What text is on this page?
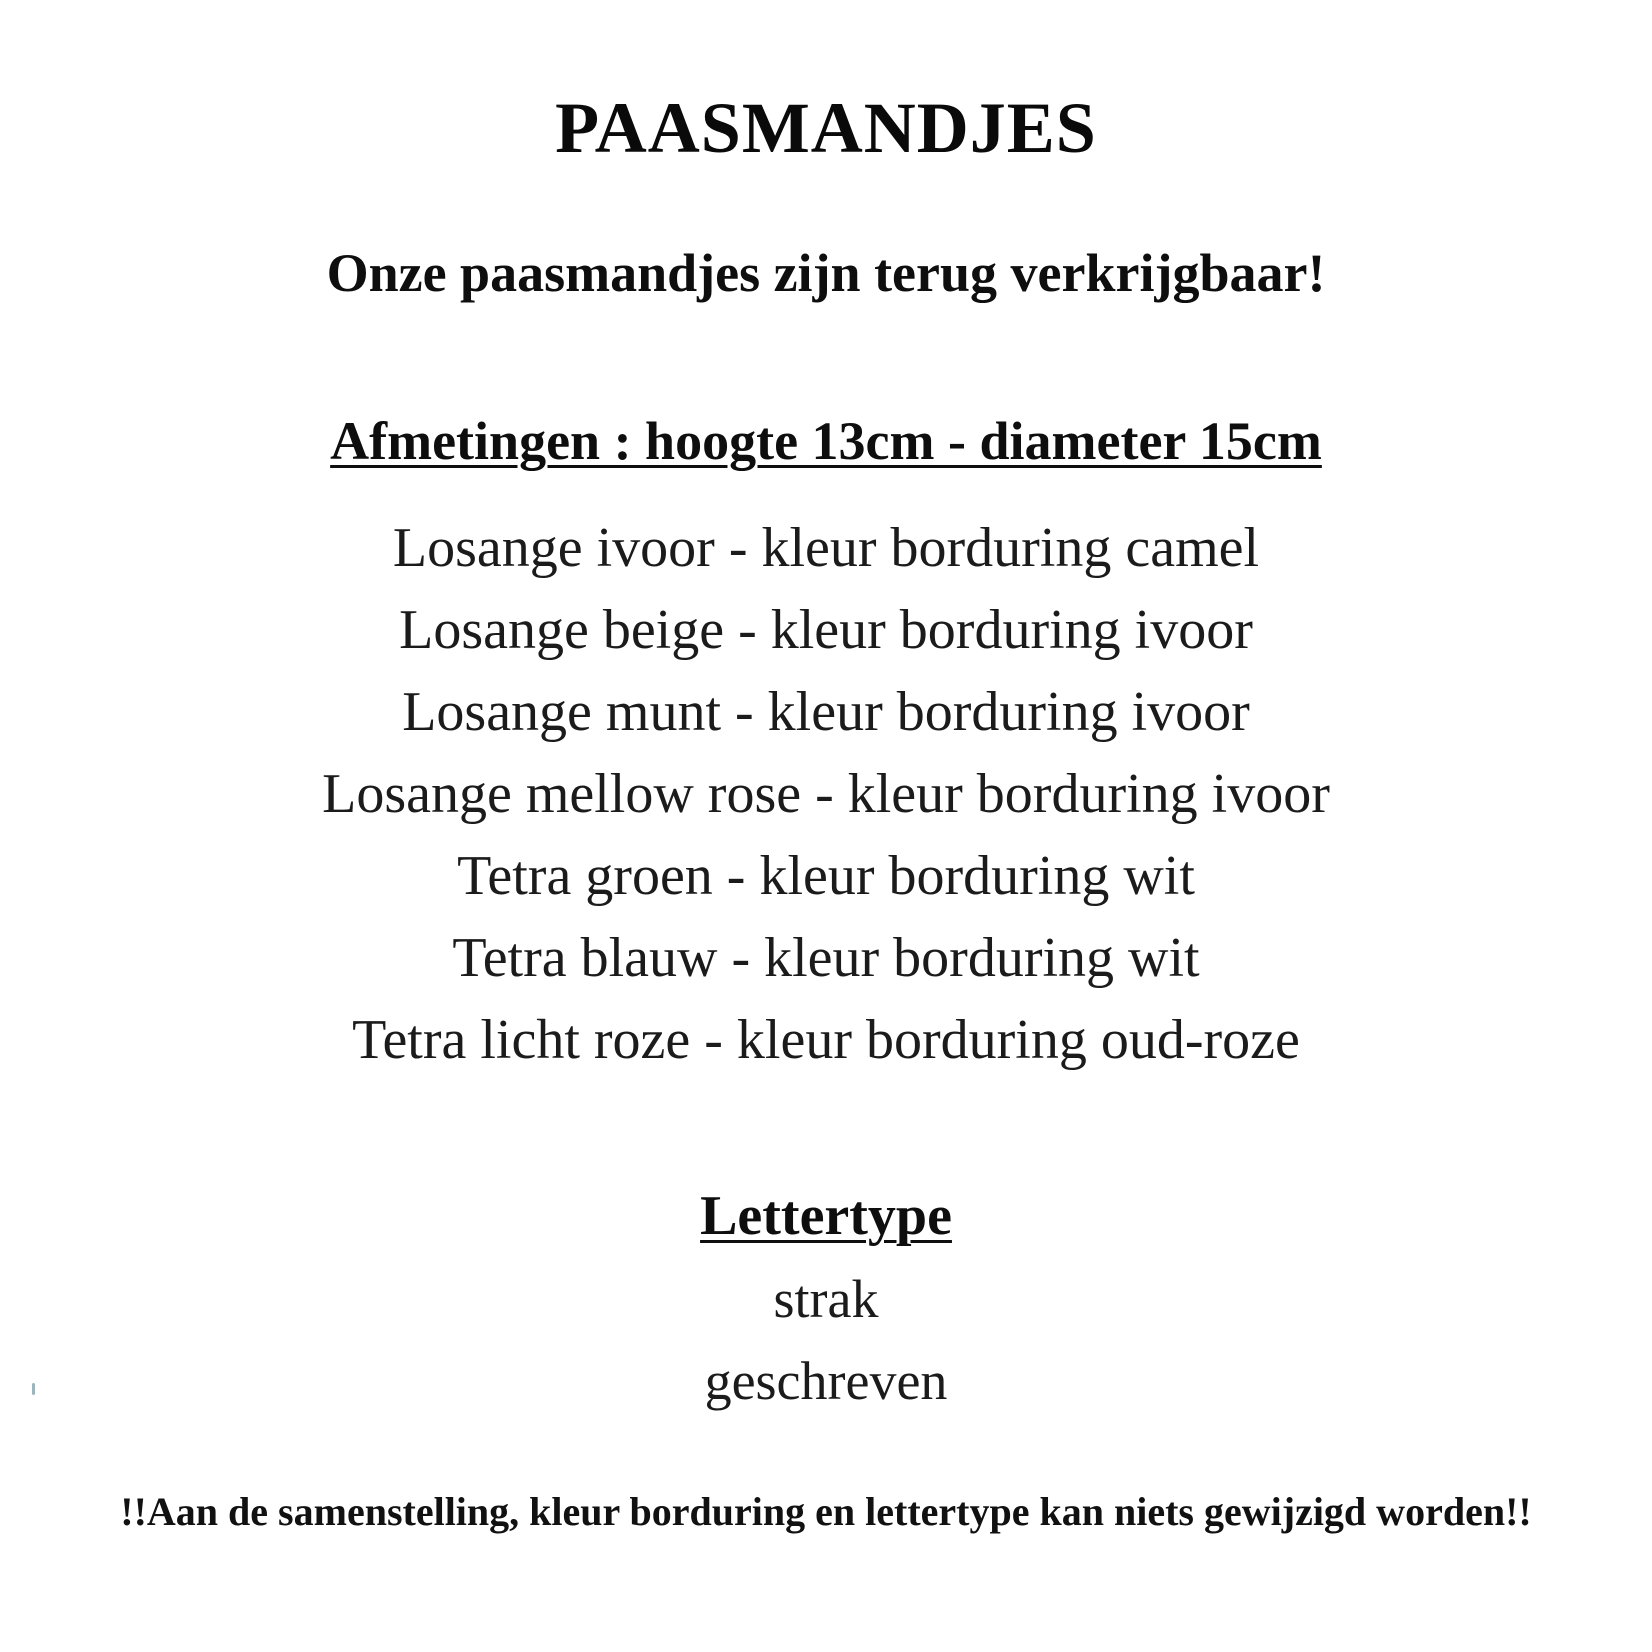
PAASMANDJES
Onze paasmandjes zijn terug verkrijgbaar!
Afmetingen : hoogte 13cm - diameter 15cm
Losange ivoor - kleur borduring camel
Losange beige - kleur borduring ivoor
Losange munt - kleur borduring ivoor
Losange mellow rose - kleur borduring ivoor
Tetra groen - kleur borduring wit
Tetra blauw - kleur borduring wit
Tetra licht roze - kleur borduring oud-roze
Lettertype
strak
geschreven
!!Aan de samenstelling, kleur borduring en lettertype kan niets gewijzigd worden!!
